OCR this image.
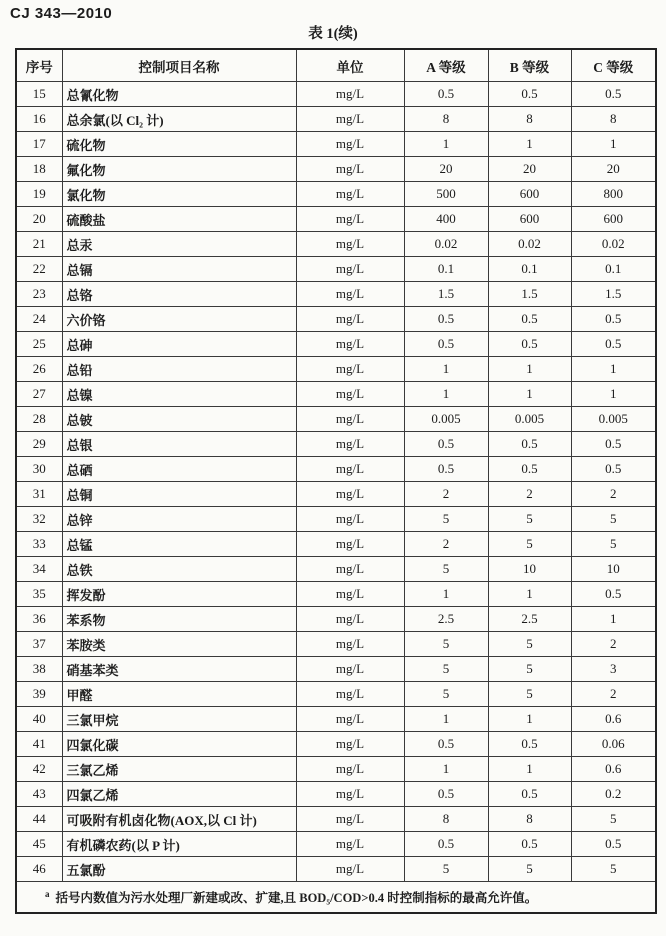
CJ 343—2010
表 1(续)
序号	控制项目名称	单位	A 等级	B 等级	C 等级
15	总氰化物	mg/L	0.5	0.5	0.5
16	总余氯(以 Cl₂ 计)	mg/L	8	8	8
17	硫化物	mg/L	1	1	1
18	氟化物	mg/L	20	20	20
19	氯化物	mg/L	500	600	800
20	硫酸盐	mg/L	400	600	600
21	总汞	mg/L	0.02	0.02	0.02
22	总镉	mg/L	0.1	0.1	0.1
23	总铬	mg/L	1.5	1.5	1.5
24	六价铬	mg/L	0.5	0.5	0.5
25	总砷	mg/L	0.5	0.5	0.5
26	总铅	mg/L	1	1	1
27	总镍	mg/L	1	1	1
28	总铍	mg/L	0.005	0.005	0.005
29	总银	mg/L	0.5	0.5	0.5
30	总硒	mg/L	0.5	0.5	0.5
31	总铜	mg/L	2	2	2
32	总锌	mg/L	5	5	5
33	总锰	mg/L	2	5	5
34	总铁	mg/L	5	10	10
35	挥发酚	mg/L	1	1	0.5
36	苯系物	mg/L	2.5	2.5	1
37	苯胺类	mg/L	5	5	2
38	硝基苯类	mg/L	5	5	3
39	甲醛	mg/L	5	5	2
40	三氯甲烷	mg/L	1	1	0.6
41	四氯化碳	mg/L	0.5	0.5	0.06
42	三氯乙烯	mg/L	1	1	0.6
43	四氯乙烯	mg/L	0.5	0.5	0.2
44	可吸附有机卤化物(AOX,以 Cl 计)	mg/L	8	8	5
45	有机磷农药(以 P 计)	mg/L	0.5	0.5	0.5
46	五氯酚	mg/L	5	5	5
$^a$ 括号内数值为污水处理厂新建或改、扩建,且 BOD₅/COD>0.4 时控制指标的最高允许值。					
